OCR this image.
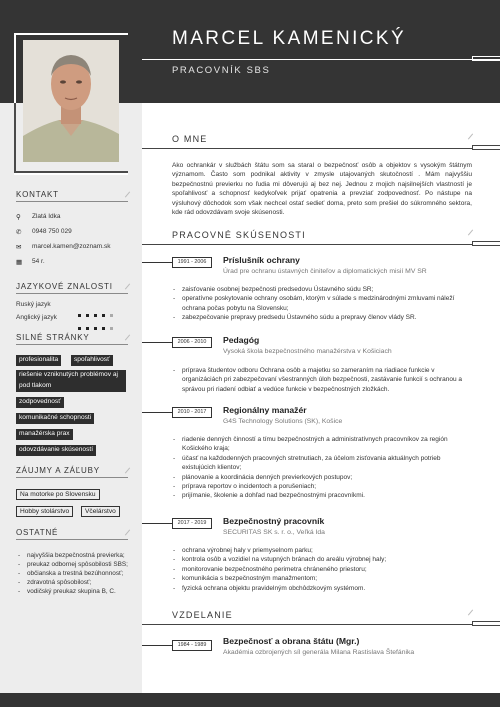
MARCEL KAMENICKÝ
PRACOVNÍK SBS
KONTAKT
⚲ Zlatá Idka
✆ 0948 750 029
✉ marcel.kamen@zoznam.sk
▦ 54 r.
JAZYKOVÉ ZNALOSTI
Ruský jazyk
Anglický jazyk
SILNÉ STRÁNKY
profesionalita	spoľahlivosť
riešenie vzniknutých problémov aj pod tlakom
zodpovednosť
komunikačné schopnosti
manažérska prax
odovzdávanie skúseností
ZÁUJMY A ZÁĽUBY
Na motorke po Slovensku
Hobby stolárstvo	Včelárstvo
OSTATNÉ
- najvyššia bezpečnostná previerka;
- preukaz odbornej spôsobilosti SBS;
- občianska a trestná bezúhonnosť;
- zdravotná spôsobilosť;
- vodičský preukaz skupina B, C.
O MNE
Ako ochrankár v službách štátu som sa staral o bezpečnosť osôb a objektov s vysokým štátnym významom. Často som podnikal aktivity v zmysle utajovaných skutočností . Mám najvyššiu bezpečnostnú previerku no ľudia mi dôverujú aj bez nej. Jednou z mojich najsilnejších vlastností je spoľahlivosť a schopnosť kedykoľvek prijať opatrenia a prevziať zodpovednosť. Po nástupe na výsluhový dôchodok som však nechcel ostať sedieť doma, preto som prešiel do súkromného sektora, kde rád odovzdávam svoje skúsenosti.
PRACOVNÉ SKÚSENOSTI
1991 - 2006	Príslušník ochrany
Úrad pre ochranu ústavných činiteľov a diplomatických misií MV SR
- zaisťovanie osobnej bezpečnosti predsedovu Ústavného súdu SR;
- operatívne poskytovanie ochrany osobám, ktorým v súlade s medzinárodnými zmluvami náleží ochrana počas pobytu na Slovensku;
- zabezpečovanie prepravy predsedu Ústavného súdu a prepravy členov vlády SR.
2006 - 2010	Pedagóg
Vysoká škola bezpečnostného manažérstva v Košiciach
- príprava študentov odboru Ochrana osôb a majetku so zameraním na riadiace funkcie v organizáciách pri zabezpečovaní všestranných úloh bezpečnosti, zastávanie funkcií s ochranou a správou pri riadení odbiať a vedúce funkcie v bezpečnostných zložkách.
2010 - 2017	Regionálny manažér
G4S Technology Solutions (SK), Košice
- riadenie denných činností a tímu bezpečnostných a administratívnych pracovníkov za región Košického kraja;
- účasť na každodenných pracovných stretnutiach, za účelom zisťovania aktuálnych potrieb existujúcich klientov;
- plánovanie a koordinácia denných previerkových postupov;
- príprava reportov o incidentoch a porušeniach;
- prijímanie, školenie a dohľad nad bezpečnostnými pracovníkmi.
2017 - 2019	Bezpečnostný pracovník
SECURITAS SK s. r. o., Veľká Ida
- ochrana výrobnej haly v priemyselnom parku;
- kontrola osôb a vozidiel na vstupných bránach do areálu výrobnej haly;
- monitorovanie bezpečnostného perimetra chráneného priestoru;
- komunikácia s bezpečnostným manažmentom;
- fyzická ochrana objektu pravidelným obchôdzkovým systémom.
VZDELANIE
1984 - 1989	Bezpečnosť a obrana štátu (Mgr.)
Akadémia ozbrojených síl generála Milana Rastislava Štefánika
